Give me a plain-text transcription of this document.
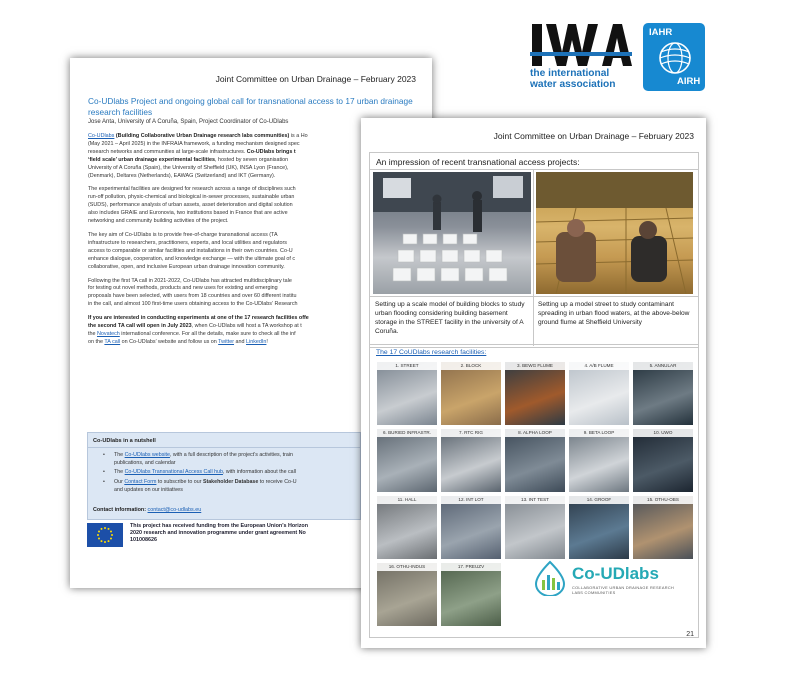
Joint Committee on Urban Drainage – February 2023
Co-UDlabs Project and ongoing global call for transnational access to 17 urban drainage research facilities
Jose Anta, University of A Coruña, Spain, Project Coordinator of Co-UDlabs

Co-UDlabs (Building Collaborative Urban Drainage research labs communities) is a Ho
(May 2021 – April 2025) in the INFRAIA framework, a funding mechanism designed spec
research networks and communities at large-scale infrastructures. Co-UDlabs brings t
‘field scale’ urban drainage experimental facilities, hosted by seven organisation
University of A Coruña (Spain), the University of Sheffield (UK), INSA Lyon (France),
(Denmark), Deltares (Netherlands), EAWAG (Switzerland) and IKT (Germany).

The experimental facilities are designed for research across a range of disciplines such
run-off pollution, physic-chemical and biological in-sewer processes, sustainable urban
(SUDS), performance analysis of urban assets, asset deterioration and digital solution
also includes GRAIE and Euronovia, two institutions based in France that are active
networking and community building activities of the project.

The key aim of Co-UDlabs is to provide free-of-charge transnational access (TA
infrastructure to researchers, practitioners, experts, and local utilities and regulators
access to comparable or similar facilities and installations in their own countries. Co-U
enhance dialogue, cooperation, and knowledge exchange — with the ultimate goal of c
collaborative, open, and inclusive European urban drainage innovation community.

Following the first TA call in 2021-2022, Co-UDlabs has attracted multidisciplinary tale
for testing out novel methods, products and new uses for existing and emerging
proposals have been selected, with users from 18 countries and over 60 different institu
in the call, and almost 100 first-time users obtaining access to the Co-UDlabs’ Research

If you are interested in conducting experiments at one of the 17 research facilities offe
the second TA call will open in July 2023, when Co-UDlabs will host a TA workshop at t
the Novatech international conference. For all the details, make sure to check all the inf
on the TA call on Co-UDlabs’ website and follow us on Twitter and LinkedIn!

Co-UDlabs in a nutshell
• The Co-UDlabs website, with a full description of the project’s activities, train
publications, and calendar
• The Co-UDlabs Transnational Access Call hub, with information about the call
• Our Contact Form to subscribe to our Stakeholder Database to receive Co-U
and updates on our initiatives
Contact information: contact@co-udlabs.eu
This project has received funding from the European Union’s Horizon 2020 research and innovation programme under grant agreement No 101008626
the international
water association
IAHR
AIRH
Joint Committee on Urban Drainage – February 2023
An impression of recent transnational access projects:
Setting up a scale model of building blocks to study urban flooding considering building basement storage in the STREET facility in the university of A Coruña.
Setting up a model street to study contaminant spreading in urban flood waters, at the above-below ground flume at Sheffield University
The 17 CoUDlabs research facilities:
1. STREET	2. BLOCK	3. BEWG FLUME	4. A/B FLUME	5. ANNULAR
6. BURIED INFRASTR.	7. RTC RIG	8. ALPHA LOOP	9. BETA LOOP	10. UWO
11. HALL	12. INT LOT	13. INT TEST	14. GROOF	15. OTHU-OBS
16. OTHU-INDUS	17. PREUZV	Co-UDlabs
COLLABORATIVE URBAN DRAINAGE RESEARCH LABS COMMUNITIES
21
